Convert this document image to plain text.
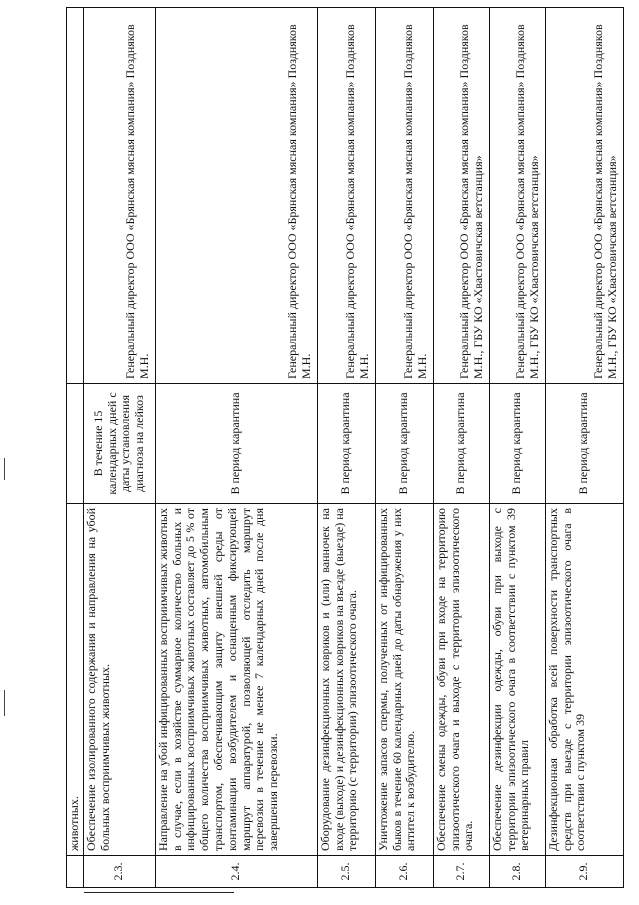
	животных.		
2.3.	Обеспечение изолированного содержания и направления на убой больных восприимчивых животных.	В течение 15 календарных дней с даты установления диагноза на лейкоз	Генеральный директор ООО «Брянская мясная компания» Поздняков М.Н.
2.4.	Направление на убой инфицированных восприимчивых животных в случае, если в хозяйстве суммарное количество больных и инфицированных восприимчивых животных составляет до 5 % от общего количества восприимчивых животных, автомобильным транспортом, обеспечивающим защиту внешней среды от контаминации возбудителем и оснащенным фиксирующей маршрут аппаратурой, позволяющей отследить маршрут перевозки в течение не менее 7 календарных дней после дня завершения перевозки.	В период карантина	Генеральный директор ООО «Брянская мясная компания» Поздняков М.Н.
2.5.	Оборудование дезинфекционных ковриков и (или) ванночек на входе (выходе) и дезинфекционных ковриков на въезде (выезде) на территорию (с территории) эпизоотического очага.	В период карантина	Генеральный директор ООО «Брянская мясная компания» Поздняков М.Н.
2.6.	Уничтожение запасов спермы, полученных от инфицированных быков в течение 60 календарных дней до даты обнаружения у них антител к возбудителю.	В период карантина	Генеральный директор ООО «Брянская мясная компания» Поздняков М.Н.
2.7.	Обеспечение смены одежды, обуви при входе на территорию эпизоотического очага и выходе с территории эпизоотического очага.	В период карантина	Генеральный директор ООО «Брянская мясная компания» Поздняков М.Н., ГБУ КО «Хвастовичская ветстанция»
2.8.	Обеспечение дезинфекции одежды, обуви при выходе с территории эпизоотического очага в соответствии с пунктом 39 ветеринарных правил	В период карантина	Генеральный директор ООО «Брянская мясная компания» Поздняков М.Н., ГБУ КО «Хвастовичская ветстанция»
2.9.	Дезинфекционная обработка всей поверхности транспортных средств при выезде с территории эпизоотического очага в соответствии с пунктом 39	В период карантина	Генеральный директор ООО «Брянская мясная компания» Поздняков М.Н., ГБУ КО «Хвастовичская ветстанция»
